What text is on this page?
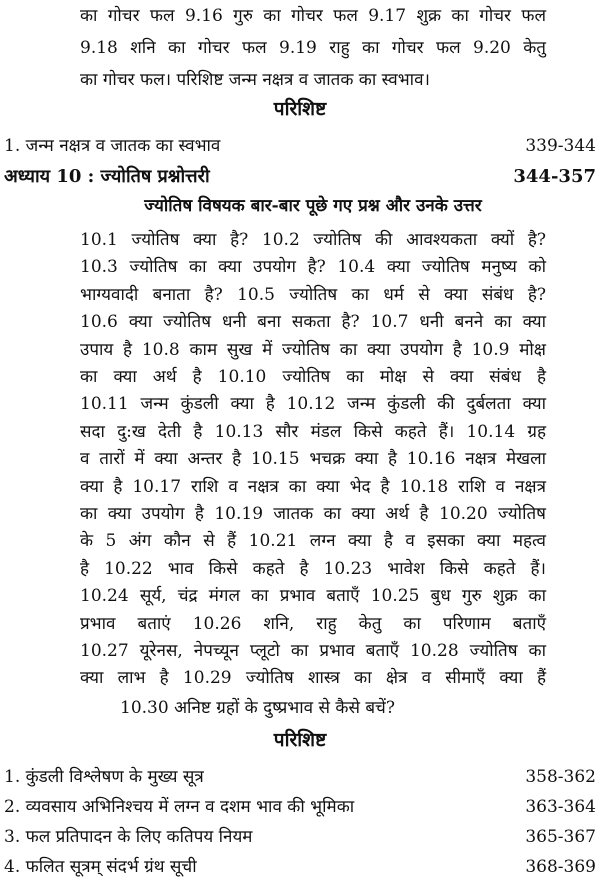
का गोचर फल 9.16 गुरु का गोचर फल 9.17 शुक्र का गोचर फल
9.18 शनि का गोचर फल 9.19 राहु का गोचर फल 9.20 केतु
का गोचर फल। परिशिष्ट जन्म नक्षत्र व जातक का स्वभाव।
परिशिष्ट
1. जन्म नक्षत्र व जातक का स्वभाव	339-344
अध्याय 10 : ज्योतिष प्रश्नोत्तरी	344-357
ज्योतिष विषयक बार-बार पूछे गए प्रश्न और उनके उत्तर
10.1 ज्योतिष क्या है? 10.2 ज्योतिष की आवश्यकता क्यों है?
10.3 ज्योतिष का क्या उपयोग है? 10.4 क्या ज्योतिष मनुष्य को
भाग्यवादी बनाता है? 10.5 ज्योतिष का धर्म से क्या संबंध है?
10.6 क्या ज्योतिष धनी बना सकता है? 10.7 धनी बनने का क्या
उपाय है 10.8 काम सुख में ज्योतिष का क्या उपयोग है 10.9 मोक्ष
का क्या अर्थ है 10.10 ज्योतिष का मोक्ष से क्या संबंध है
10.11 जन्म कुंडली क्या है 10.12 जन्म कुंडली की दुर्बलता क्या
सदा दु:ख देती है 10.13 सौर मंडल किसे कहते हैं। 10.14 ग्रह
व तारों में क्या अन्तर है 10.15 भचक्र क्या है 10.16 नक्षत्र मेखला
क्या है 10.17 राशि व नक्षत्र का क्या भेद है 10.18 राशि व नक्षत्र
का क्या उपयोग है 10.19 जातक का क्या अर्थ है 10.20 ज्योतिष
के 5 अंग कौन से हैं 10.21 लग्न क्या है व इसका क्या महत्व
है 10.22 भाव किसे कहते है 10.23 भावेश किसे कहते हैं।
10.24 सूर्य, चंद्र मंगल का प्रभाव बताएँ 10.25 बुध गुरु शुक्र का
प्रभाव बताएं 10.26 शनि, राहु केतु का परिणाम बताएँ
10.27 यूरेनस, नेपच्यून प्लूटो का प्रभाव बताएँ 10.28 ज्योतिष का
क्या लाभ है 10.29 ज्योतिष शास्त्र का क्षेत्र व सीमाएँ क्या हैं
10.30 अनिष्ट ग्रहों के दुष्प्रभाव से कैसे बचें?
परिशिष्ट
1. कुंडली विश्लेषण के मुख्य सूत्र	358-362
2. व्यवसाय अभिनिश्चय में लग्न व दशम भाव की भूमिका	363-364
3. फल प्रतिपादन के लिए कतिपय नियम	365-367
4. फलित सूत्रम् संदर्भ ग्रंथ सूची	368-369
